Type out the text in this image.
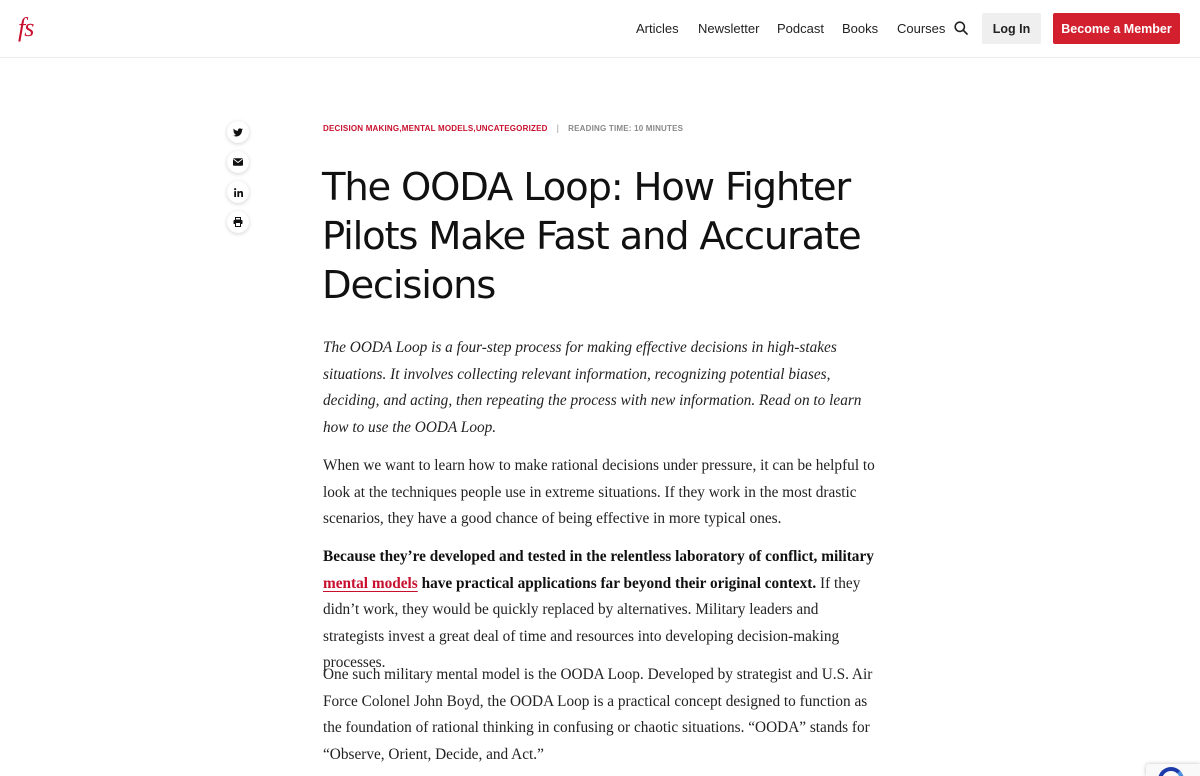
fs	Articles Newsletter Podcast Books Courses	Log In	Become a Member
DECISION MAKING,MENTAL MODELS,UNCATEGORIZED | READING TIME: 10 MINUTES
The OODA Loop: How Fighter Pilots Make Fast and Accurate Decisions

The OODA Loop is a four-step process for making effective decisions in high-stakes situations. It involves collecting relevant information, recognizing potential biases, deciding, and acting, then repeating the process with new information. Read on to learn how to use the OODA Loop.

When we want to learn how to make rational decisions under pressure, it can be helpful to look at the techniques people use in extreme situations. If they work in the most drastic scenarios, they have a good chance of being effective in more typical ones.

Because they’re developed and tested in the relentless laboratory of conflict, military mental models have practical applications far beyond their original context. If they didn’t work, they would be quickly replaced by alternatives. Military leaders and strategists invest a great deal of time and resources into developing decision-making processes.

One such military mental model is the OODA Loop. Developed by strategist and U.S. Air Force Colonel John Boyd, the OODA Loop is a practical concept designed to function as the foundation of rational thinking in confusing or chaotic situations. “OODA” stands for “Observe, Orient, Decide, and Act.”
